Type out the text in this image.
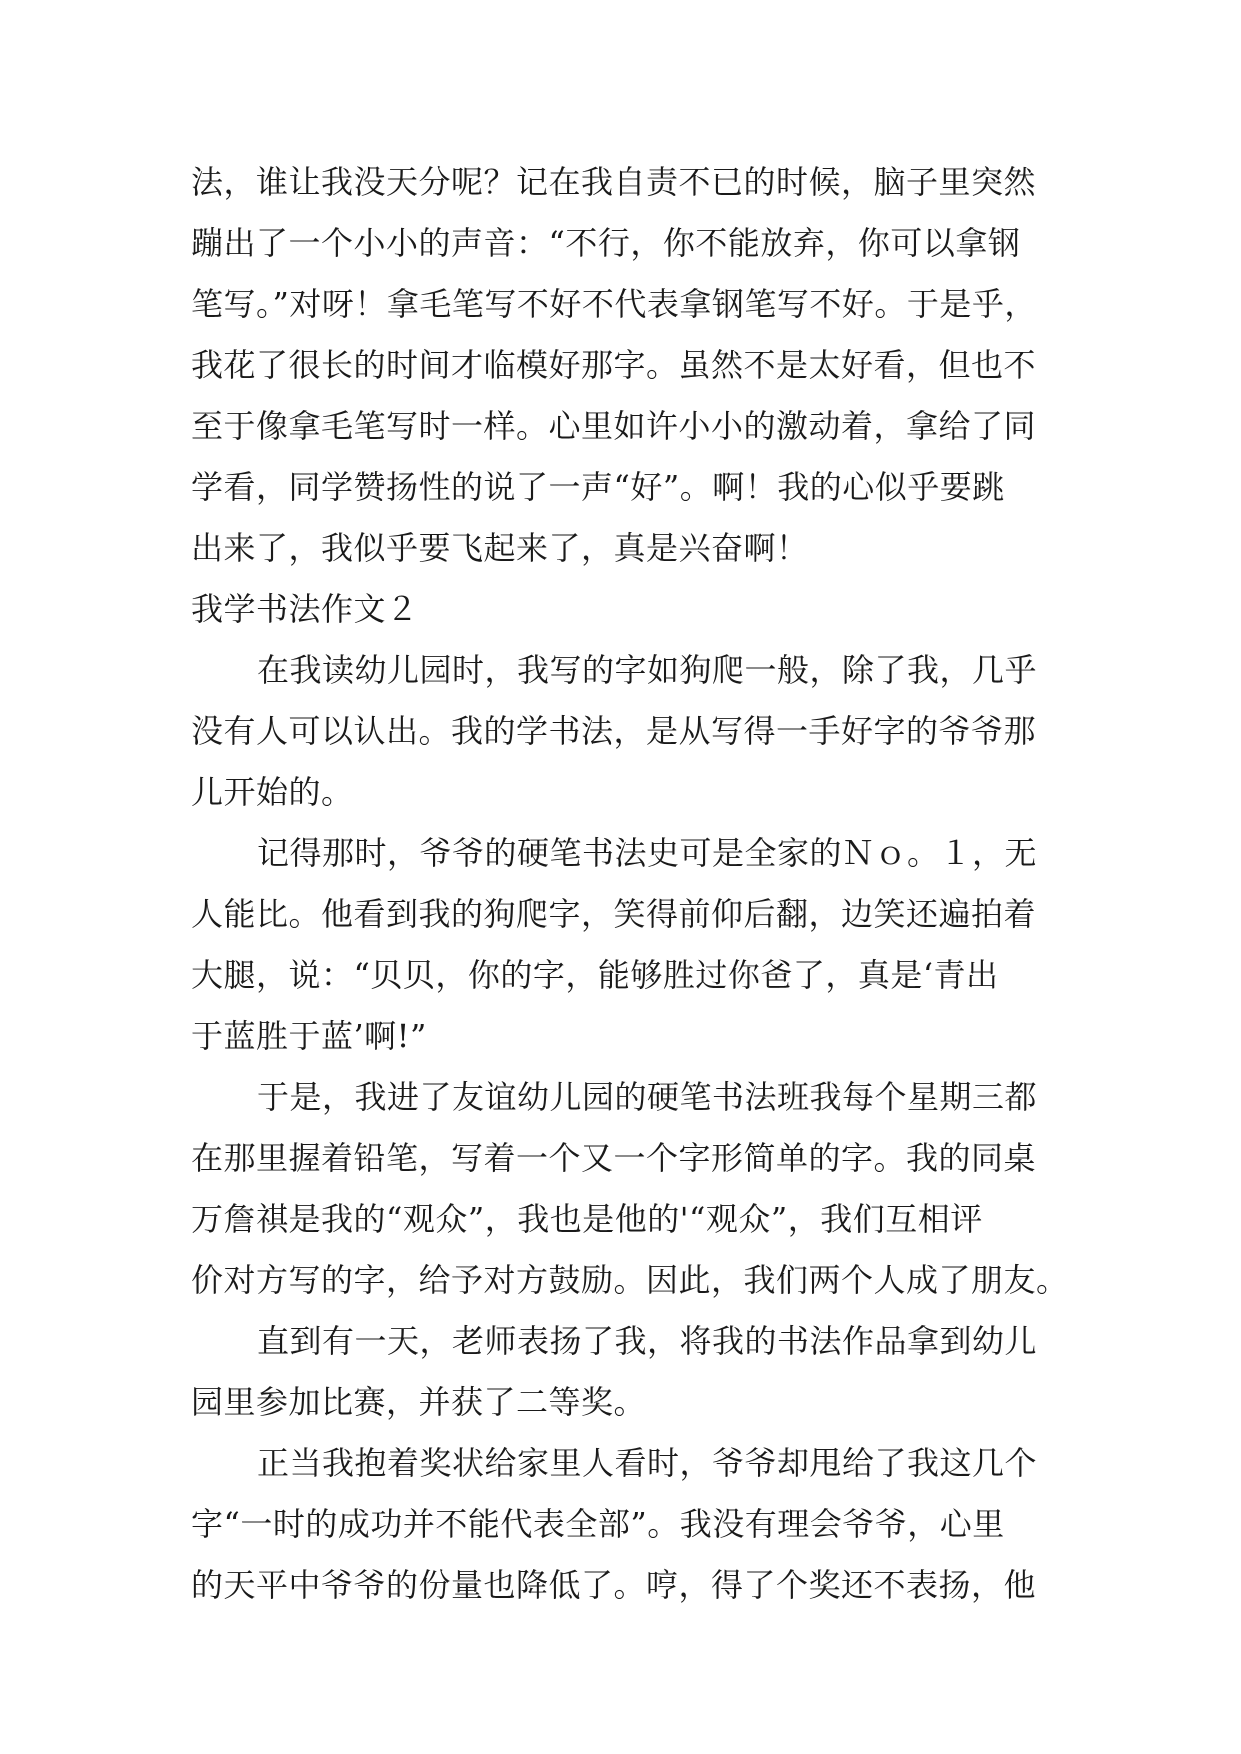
法，谁让我没天分呢？记在我自责不已的时候，脑子里突然
蹦出了一个小小的声音：“不行，你不能放弃，你可以拿钢
笔写。”对呀！拿毛笔写不好不代表拿钢笔写不好。于是乎，
我花了很长的时间才临模好那字。虽然不是太好看，但也不
至于像拿毛笔写时一样。心里如许小小的激动着，拿给了同
学看，同学赞扬性的说了一声“好”。啊！我的心似乎要跳
出来了，我似乎要飞起来了，真是兴奋啊！
我学书法作文２
在我读幼儿园时，我写的字如狗爬一般，除了我，几乎
没有人可以认出。我的学书法，是从写得一手好字的爷爷那
儿开始的。
记得那时，爷爷的硬笔书法史可是全家的Ｎｏ。１，无
人能比。他看到我的狗爬字，笑得前仰后翻，边笑还遍拍着
大腿，说：“贝贝，你的字，能够胜过你爸了，真是‘青出
于蓝胜于蓝’啊!”
于是，我进了友谊幼儿园的硬笔书法班我每个星期三都
在那里握着铅笔，写着一个又一个字形简单的字。我的同桌
万詹祺是我的“观众”，我也是他的'“观众”，我们互相评
价对方写的字，给予对方鼓励。因此，我们两个人成了朋友。
直到有一天，老师表扬了我，将我的书法作品拿到幼儿
园里参加比赛，并获了二等奖。
正当我抱着奖状给家里人看时，爷爷却甩给了我这几个
字“一时的成功并不能代表全部”。我没有理会爷爷，心里
的天平中爷爷的份量也降低了。哼，得了个奖还不表扬，他
